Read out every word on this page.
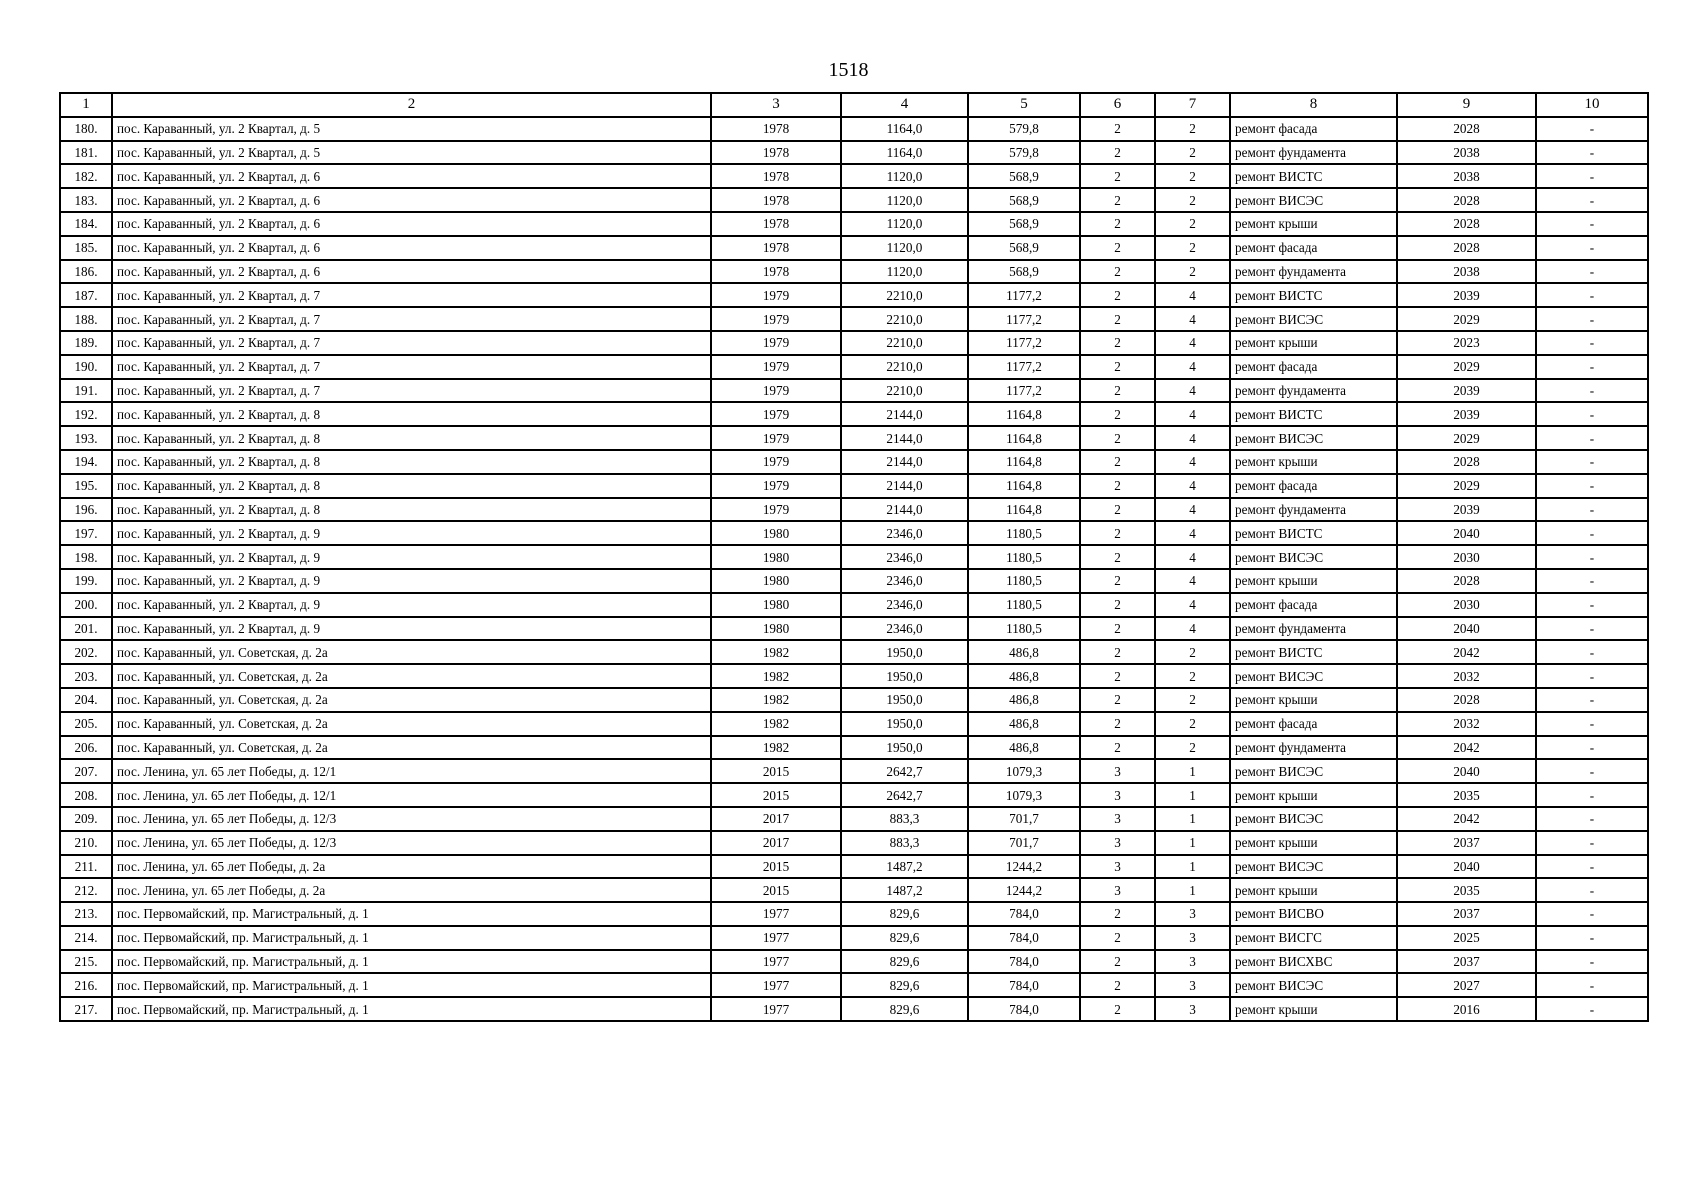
1518
1	2	3	4	5	6	7	8	9	10
180.	пос. Караванный, ул. 2 Квартал, д. 5	1978	1164,0	579,8	2	2	ремонт фасада	2028	-
181.	пос. Караванный, ул. 2 Квартал, д. 5	1978	1164,0	579,8	2	2	ремонт фундамента	2038	-
182.	пос. Караванный, ул. 2 Квартал, д. 6	1978	1120,0	568,9	2	2	ремонт ВИСТС	2038	-
183.	пос. Караванный, ул. 2 Квартал, д. 6	1978	1120,0	568,9	2	2	ремонт ВИСЭС	2028	-
184.	пос. Караванный, ул. 2 Квартал, д. 6	1978	1120,0	568,9	2	2	ремонт крыши	2028	-
185.	пос. Караванный, ул. 2 Квартал, д. 6	1978	1120,0	568,9	2	2	ремонт фасада	2028	-
186.	пос. Караванный, ул. 2 Квартал, д. 6	1978	1120,0	568,9	2	2	ремонт фундамента	2038	-
187.	пос. Караванный, ул. 2 Квартал, д. 7	1979	2210,0	1177,2	2	4	ремонт ВИСТС	2039	-
188.	пос. Караванный, ул. 2 Квартал, д. 7	1979	2210,0	1177,2	2	4	ремонт ВИСЭС	2029	-
189.	пос. Караванный, ул. 2 Квартал, д. 7	1979	2210,0	1177,2	2	4	ремонт крыши	2023	-
190.	пос. Караванный, ул. 2 Квартал, д. 7	1979	2210,0	1177,2	2	4	ремонт фасада	2029	-
191.	пос. Караванный, ул. 2 Квартал, д. 7	1979	2210,0	1177,2	2	4	ремонт фундамента	2039	-
192.	пос. Караванный, ул. 2 Квартал, д. 8	1979	2144,0	1164,8	2	4	ремонт ВИСТС	2039	-
193.	пос. Караванный, ул. 2 Квартал, д. 8	1979	2144,0	1164,8	2	4	ремонт ВИСЭС	2029	-
194.	пос. Караванный, ул. 2 Квартал, д. 8	1979	2144,0	1164,8	2	4	ремонт крыши	2028	-
195.	пос. Караванный, ул. 2 Квартал, д. 8	1979	2144,0	1164,8	2	4	ремонт фасада	2029	-
196.	пос. Караванный, ул. 2 Квартал, д. 8	1979	2144,0	1164,8	2	4	ремонт фундамента	2039	-
197.	пос. Караванный, ул. 2 Квартал, д. 9	1980	2346,0	1180,5	2	4	ремонт ВИСТС	2040	-
198.	пос. Караванный, ул. 2 Квартал, д. 9	1980	2346,0	1180,5	2	4	ремонт ВИСЭС	2030	-
199.	пос. Караванный, ул. 2 Квартал, д. 9	1980	2346,0	1180,5	2	4	ремонт крыши	2028	-
200.	пос. Караванный, ул. 2 Квартал, д. 9	1980	2346,0	1180,5	2	4	ремонт фасада	2030	-
201.	пос. Караванный, ул. 2 Квартал, д. 9	1980	2346,0	1180,5	2	4	ремонт фундамента	2040	-
202.	пос. Караванный, ул. Советская, д. 2а	1982	1950,0	486,8	2	2	ремонт ВИСТС	2042	-
203.	пос. Караванный, ул. Советская, д. 2а	1982	1950,0	486,8	2	2	ремонт ВИСЭС	2032	-
204.	пос. Караванный, ул. Советская, д. 2а	1982	1950,0	486,8	2	2	ремонт крыши	2028	-
205.	пос. Караванный, ул. Советская, д. 2а	1982	1950,0	486,8	2	2	ремонт фасада	2032	-
206.	пос. Караванный, ул. Советская, д. 2а	1982	1950,0	486,8	2	2	ремонт фундамента	2042	-
207.	пос. Ленина, ул. 65 лет Победы, д. 12/1	2015	2642,7	1079,3	3	1	ремонт ВИСЭС	2040	-
208.	пос. Ленина, ул. 65 лет Победы, д. 12/1	2015	2642,7	1079,3	3	1	ремонт крыши	2035	-
209.	пос. Ленина, ул. 65 лет Победы, д. 12/3	2017	883,3	701,7	3	1	ремонт ВИСЭС	2042	-
210.	пос. Ленина, ул. 65 лет Победы, д. 12/3	2017	883,3	701,7	3	1	ремонт крыши	2037	-
211.	пос. Ленина, ул. 65 лет Победы, д. 2а	2015	1487,2	1244,2	3	1	ремонт ВИСЭС	2040	-
212.	пос. Ленина, ул. 65 лет Победы, д. 2а	2015	1487,2	1244,2	3	1	ремонт крыши	2035	-
213.	пос. Первомайский, пр. Магистральный, д. 1	1977	829,6	784,0	2	3	ремонт ВИСВО	2037	-
214.	пос. Первомайский, пр. Магистральный, д. 1	1977	829,6	784,0	2	3	ремонт ВИСГС	2025	-
215.	пос. Первомайский, пр. Магистральный, д. 1	1977	829,6	784,0	2	3	ремонт ВИСХВС	2037	-
216.	пос. Первомайский, пр. Магистральный, д. 1	1977	829,6	784,0	2	3	ремонт ВИСЭС	2027	-
217.	пос. Первомайский, пр. Магистральный, д. 1	1977	829,6	784,0	2	3	ремонт крыши	2016	-
